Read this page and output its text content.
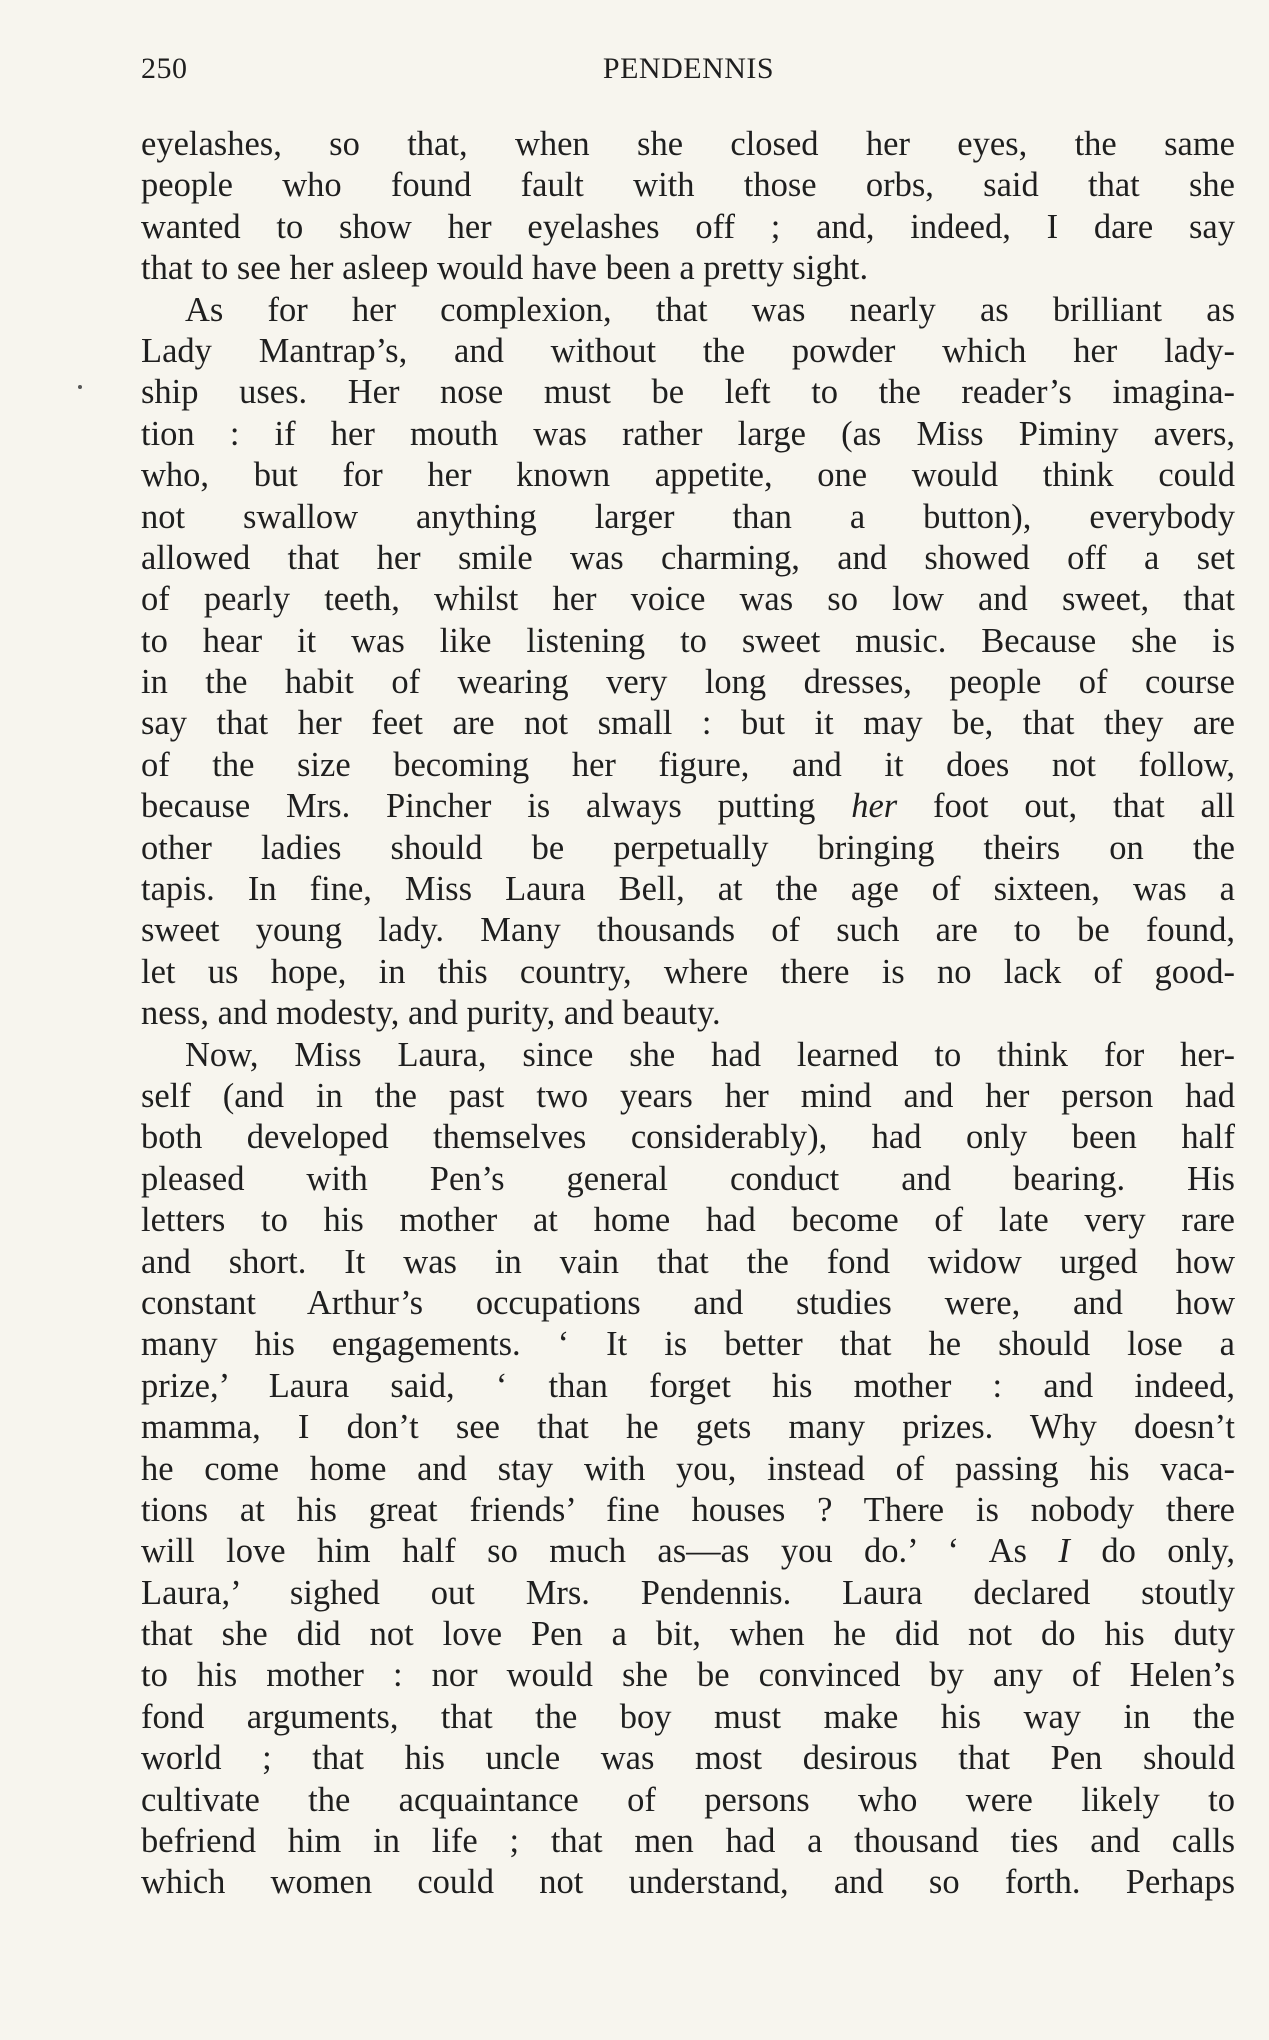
250	PENDENNIS
eyelashes, so that, when she closed her eyes, the same
people who found fault with those orbs, said that she
wanted to show her eyelashes off ; and, indeed, I dare say
that to see her asleep would have been a pretty sight.
As for her complexion, that was nearly as brilliant as
Lady Mantrap’s, and without the powder which her lady-
ship uses. Her nose must be left to the reader’s imagina-
tion : if her mouth was rather large (as Miss Piminy avers,
who, but for her known appetite, one would think could
not swallow anything larger than a button), everybody
allowed that her smile was charming, and showed off a set
of pearly teeth, whilst her voice was so low and sweet, that
to hear it was like listening to sweet music. Because she is
in the habit of wearing very long dresses, people of course
say that her feet are not small : but it may be, that they are
of the size becoming her figure, and it does not follow,
because Mrs. Pincher is always putting her foot out, that all
other ladies should be perpetually bringing theirs on the
tapis. In fine, Miss Laura Bell, at the age of sixteen, was a
sweet young lady. Many thousands of such are to be found,
let us hope, in this country, where there is no lack of good-
ness, and modesty, and purity, and beauty.
Now, Miss Laura, since she had learned to think for her-
self (and in the past two years her mind and her person had
both developed themselves considerably), had only been half
pleased with Pen’s general conduct and bearing. His
letters to his mother at home had become of late very rare
and short. It was in vain that the fond widow urged how
constant Arthur’s occupations and studies were, and how
many his engagements. ‘ It is better that he should lose a
prize,’ Laura said, ‘ than forget his mother : and indeed,
mamma, I don’t see that he gets many prizes. Why doesn’t
he come home and stay with you, instead of passing his vaca-
tions at his great friends’ fine houses ? There is nobody there
will love him half so much as—as you do.’ ‘ As I do only,
Laura,’ sighed out Mrs. Pendennis. Laura declared stoutly
that she did not love Pen a bit, when he did not do his duty
to his mother : nor would she be convinced by any of Helen’s
fond arguments, that the boy must make his way in the
world ; that his uncle was most desirous that Pen should
cultivate the acquaintance of persons who were likely to
befriend him in life ; that men had a thousand ties and calls
which women could not understand, and so forth. Perhaps
